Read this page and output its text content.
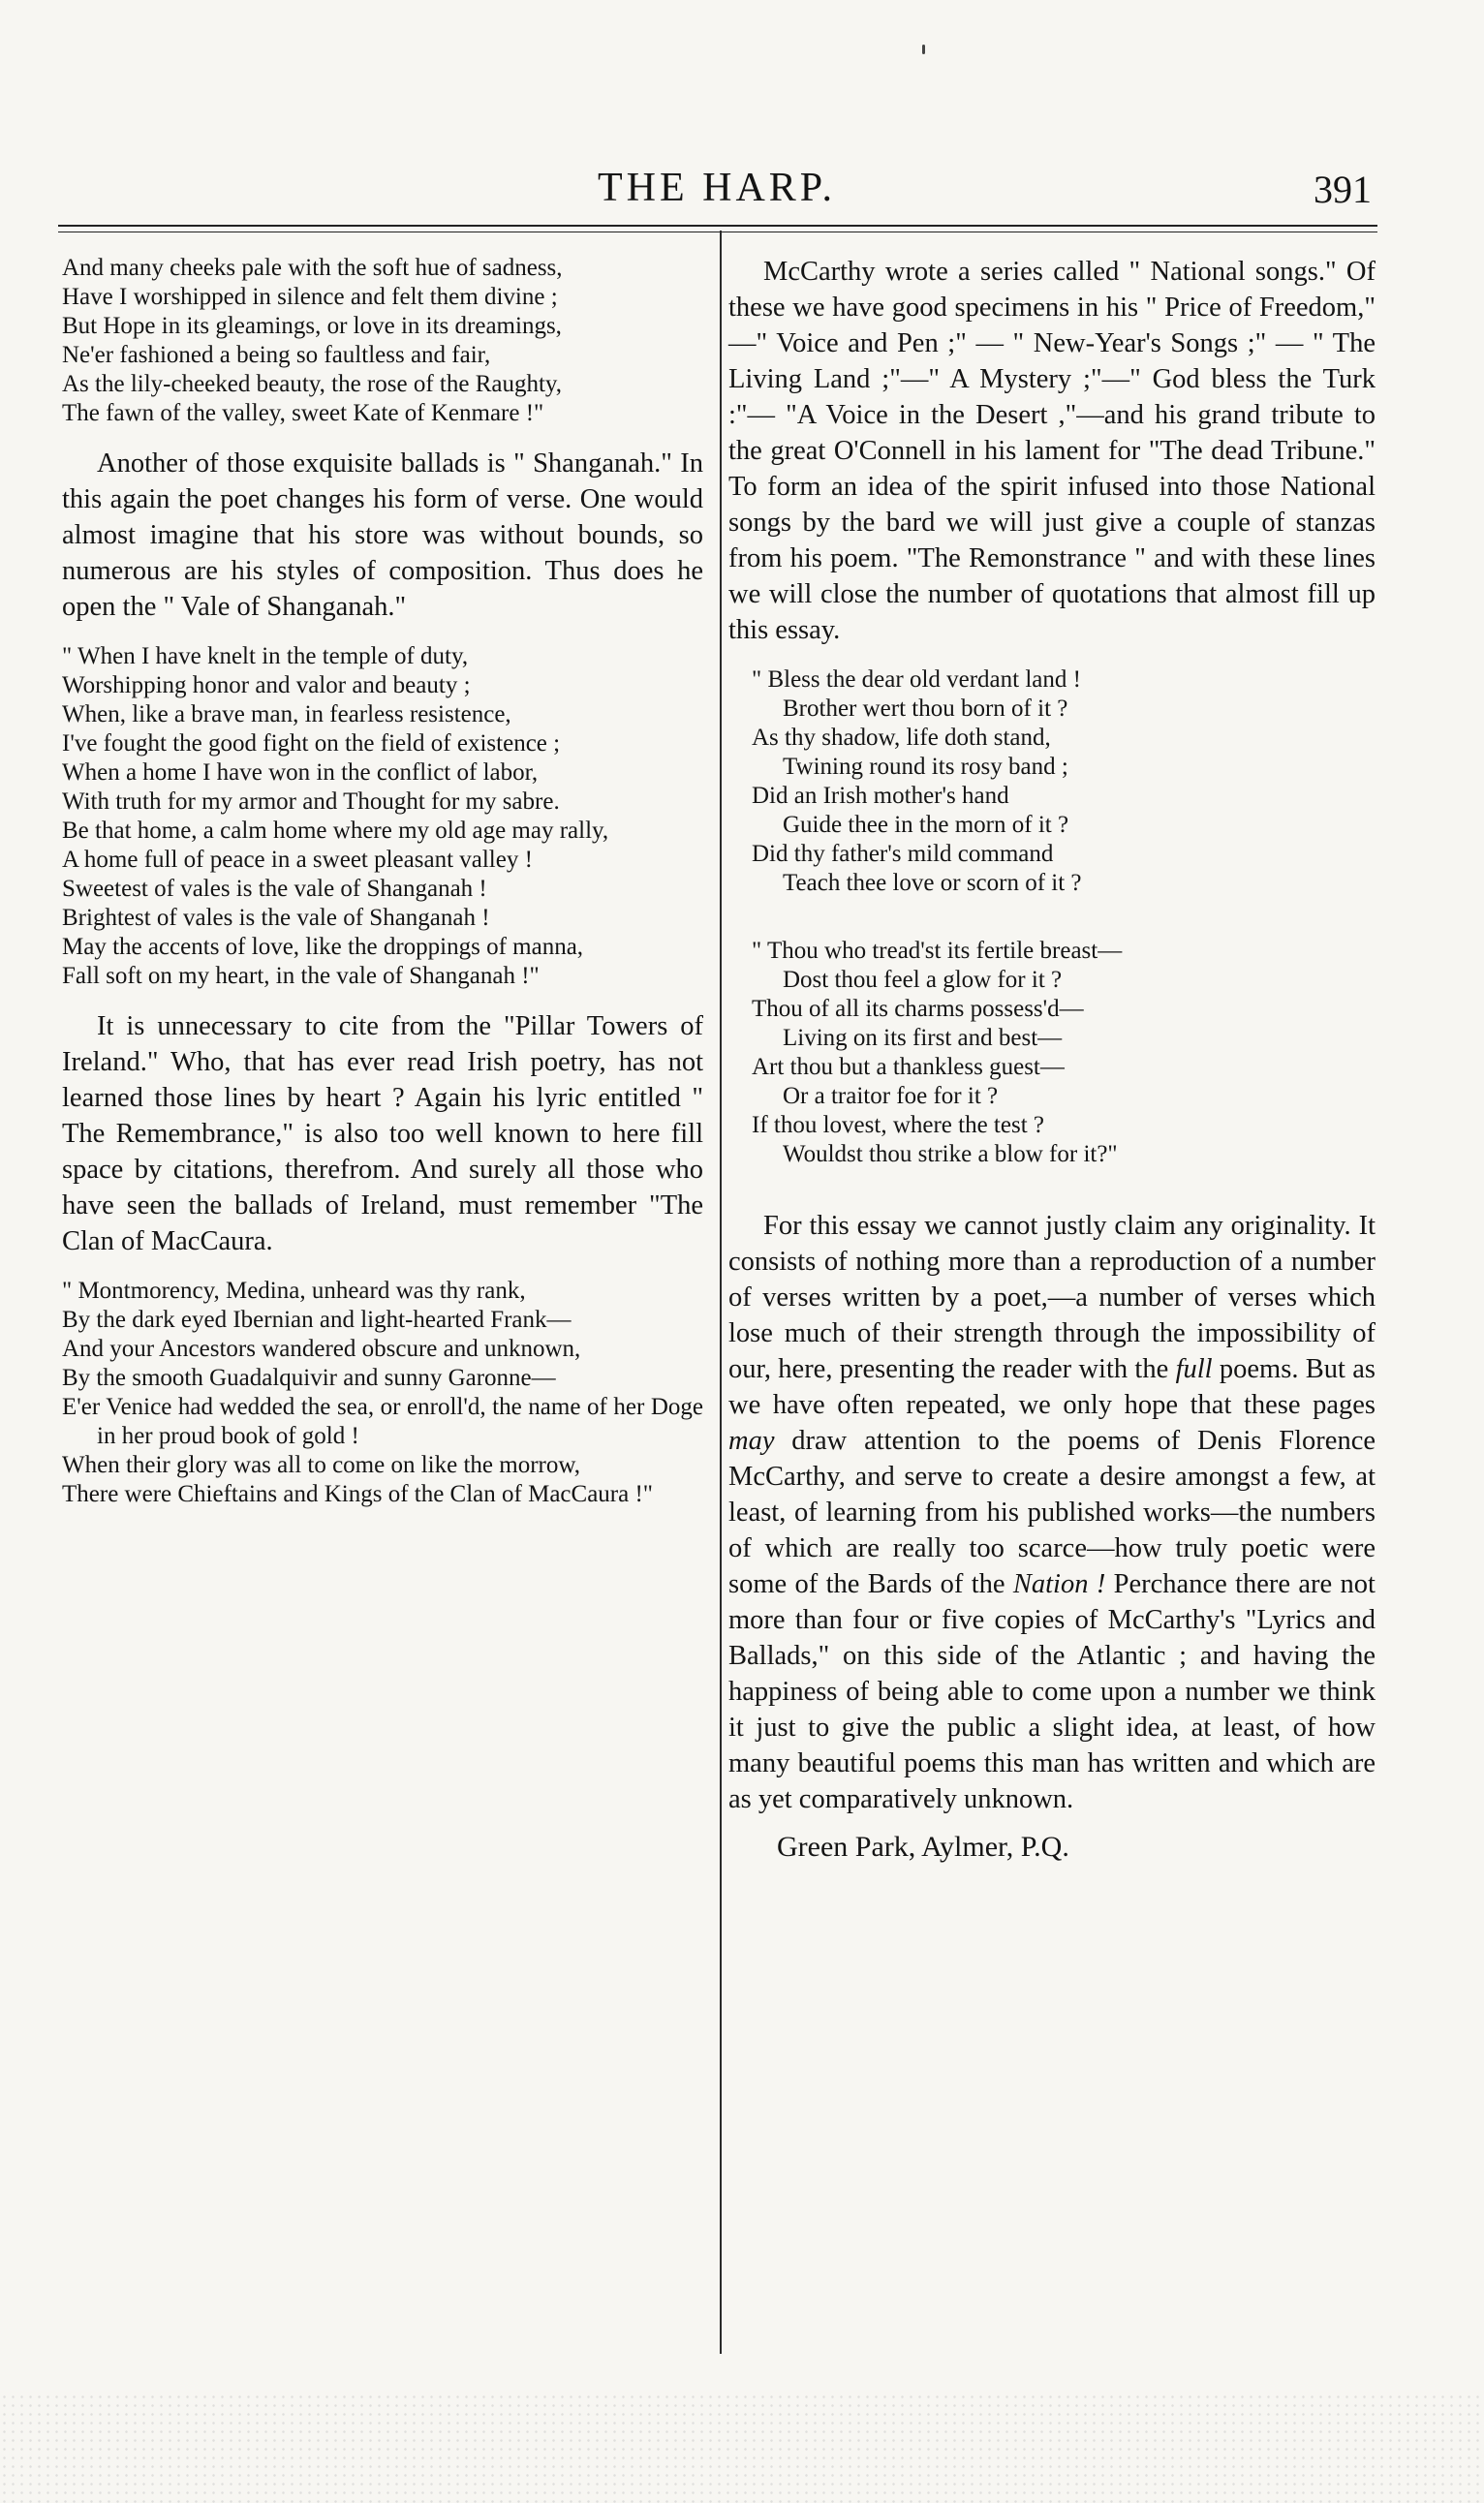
THE HARP.	391
And many cheeks pale with the soft hue of sadness,
Have I worshipped in silence and felt them divine ;
But Hope in its gleamings, or love in its dreamings,
Ne'er fashioned a being so faultless and fair,
As the lily-cheeked beauty, the rose of the Raughty,
The fawn of the valley, sweet Kate of Kenmare !"

Another of those exquisite ballads is " Shanganah." In this again the poet changes his form of verse. One would almost imagine that his store was without bounds, so numerous are his styles of composition. Thus does he open the " Vale of Shanganah."

" When I have knelt in the temple of duty,
Worshipping honor and valor and beauty ;
When, like a brave man, in fearless resistence,
I've fought the good fight on the field of existence ;
When a home I have won in the conflict of labor,
With truth for my armor and Thought for my sabre.
Be that home, a calm home where my old age may rally,
A home full of peace in a sweet pleasant valley !
Sweetest of vales is the vale of Shanganah !
Brightest of vales is the vale of Shanganah !
May the accents of love, like the droppings of manna,
Fall soft on my heart, in the vale of Shanganah !"

It is unnecessary to cite from the "Pillar Towers of Ireland." Who, that has ever read Irish poetry, has not learned those lines by heart ? Again his lyric entitled " The Remembrance," is also too well known to here fill space by citations, therefrom. And surely all those who have seen the ballads of Ireland, must remember "The Clan of MacCaura.

" Montmorency, Medina, unheard was thy rank,
By the dark eyed Ibernian and light-hearted Frank—
And your Ancestors wandered obscure and unknown,
By the smooth Guadalquivir and sunny Garonne—
E'er Venice had wedded the sea, or enroll'd, the name of her Doge in her proud book of gold !
When their glory was all to come on like the morrow,
There were Chieftains and Kings of the Clan of MacCaura !"

McCarthy wrote a series called " National songs." Of these we have good specimens in his " Price of Freedom," —" Voice and Pen ;" — " New-Year's Songs ;" — " The Living Land ;"—" A Mystery ;"—" God bless the Turk :"— "A Voice in the Desert ,"—and his grand tribute to the great O'Connell in his lament for "The dead Tribune." To form an idea of the spirit infused into those National songs by the bard we will just give a couple of stanzas from his poem. "The Remonstrance " and with these lines we will close the number of quotations that almost fill up this essay.

" Bless the dear old verdant land !
Brother wert thou born of it ?
As thy shadow, life doth stand,
Twining round its rosy band ;
Did an Irish mother's hand
Guide thee in the morn of it ?
Did thy father's mild command
Teach thee love or scorn of it ?
" Thou who tread'st its fertile breast—
Dost thou feel a glow for it ?
Thou of all its charms possess'd—
Living on its first and best—
Art thou but a thankless guest—
Or a traitor foe for it ?
If thou lovest, where the test ?
Wouldst thou strike a blow for it?"

For this essay we cannot justly claim any originality. It consists of nothing more than a reproduction of a number of verses written by a poet,—a number of verses which lose much of their strength through the impossibility of our, here, presenting the reader with the full poems. But as we have often repeated, we only hope that these pages may draw attention to the poems of Denis Florence McCarthy, and serve to create a desire amongst a few, at least, of learning from his published works—the numbers of which are really too scarce—how truly poetic were some of the Bards of the Nation ! Perchance there are not more than four or five copies of McCarthy's "Lyrics and Ballads," on this side of the Atlantic ; and having the happiness of being able to come upon a number we think it just to give the public a slight idea, at least, of how many beautiful poems this man has written and which are as yet comparatively unknown.

Green Park, Aylmer, P.Q.
